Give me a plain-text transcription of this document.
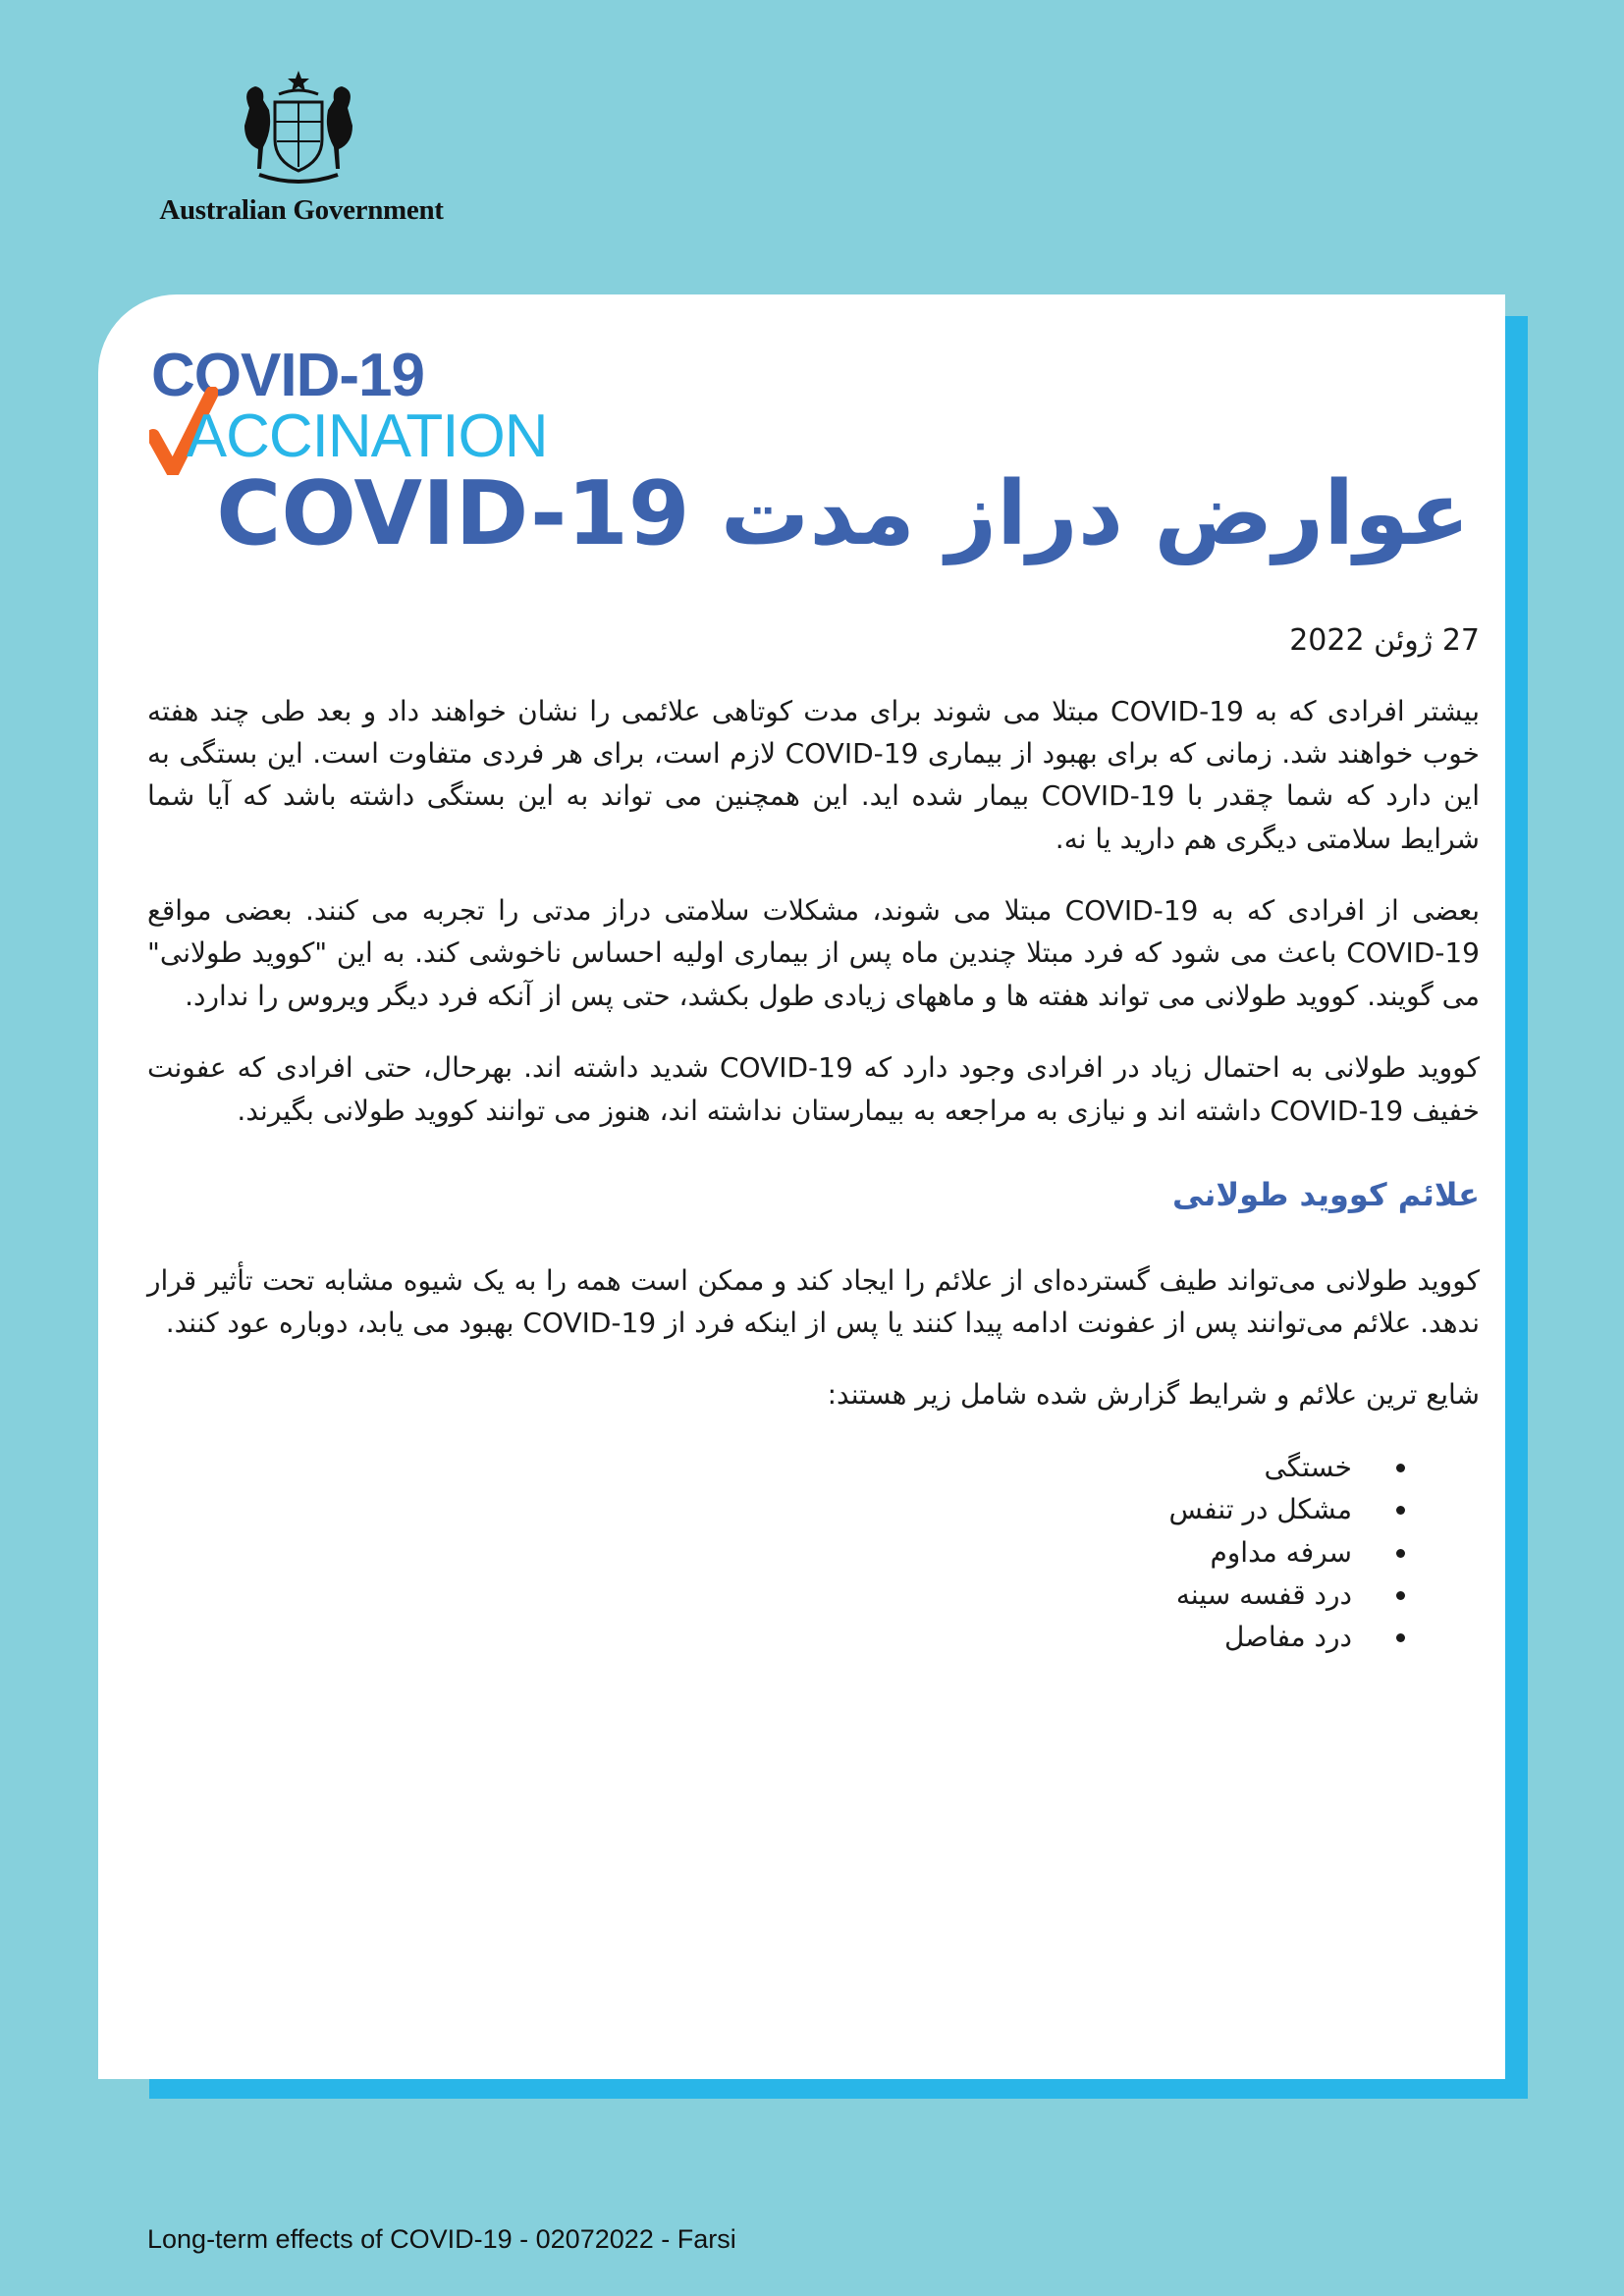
Australian Government
COVID-19
ACCINATION
عوارض دراز مدت COVID-19
27 ژوئن 2022

بیشتر افرادی که به COVID-19 مبتلا می شوند برای مدت کوتاهی علائمی را نشان خواهند داد و بعد طی چند هفته خوب خواهند شد. زمانی که برای بهبود از بیماری COVID-19 لازم است، برای هر فردی متفاوت است. این بستگی به این دارد که شما چقدر با COVID-19 بیمار شده اید. این همچنین می تواند به این بستگی داشته باشد که آیا شما شرایط سلامتی دیگری هم دارید یا نه.

بعضی از افرادی که به COVID-19 مبتلا می شوند، مشکلات سلامتی دراز مدتی را تجربه می کنند. بعضی مواقع COVID-19 باعث می شود که فرد مبتلا چندین ماه پس از بیماری اولیه احساس ناخوشی کند. به این "کووید طولانی" می گویند. کووید طولانی می تواند هفته ها و ماههای زیادی طول بکشد، حتی پس از آنکه فرد دیگر ویروس را ندارد.

کووید طولانی به احتمال زیاد در افرادی وجود دارد که COVID-19 شدید داشته اند. بهرحال، حتی افرادی که عفونت خفیف COVID-19 داشته اند و نیازی به مراجعه به بیمارستان نداشته اند، هنوز می توانند کووید طولانی بگیرند.

علائم کووید طولانی

کووید طولانی می‌تواند طیف گسترده‌ای از علائم را ایجاد کند و ممکن است همه را به یک شیوه مشابه تحت تأثیر قرار ندهد. علائم می‌توانند پس از عفونت ادامه پیدا کنند یا پس از اینکه فرد از COVID-19 بهبود می یابد، دوباره عود کنند.

شایع ترین علائم و شرایط گزارش شده شامل زیر هستند:
• خستگی
• مشکل در تنفس
• سرفه مداوم
• درد قفسه سینه
• درد مفاصل
Long-term effects of COVID-19 - 02072022 - Farsi
